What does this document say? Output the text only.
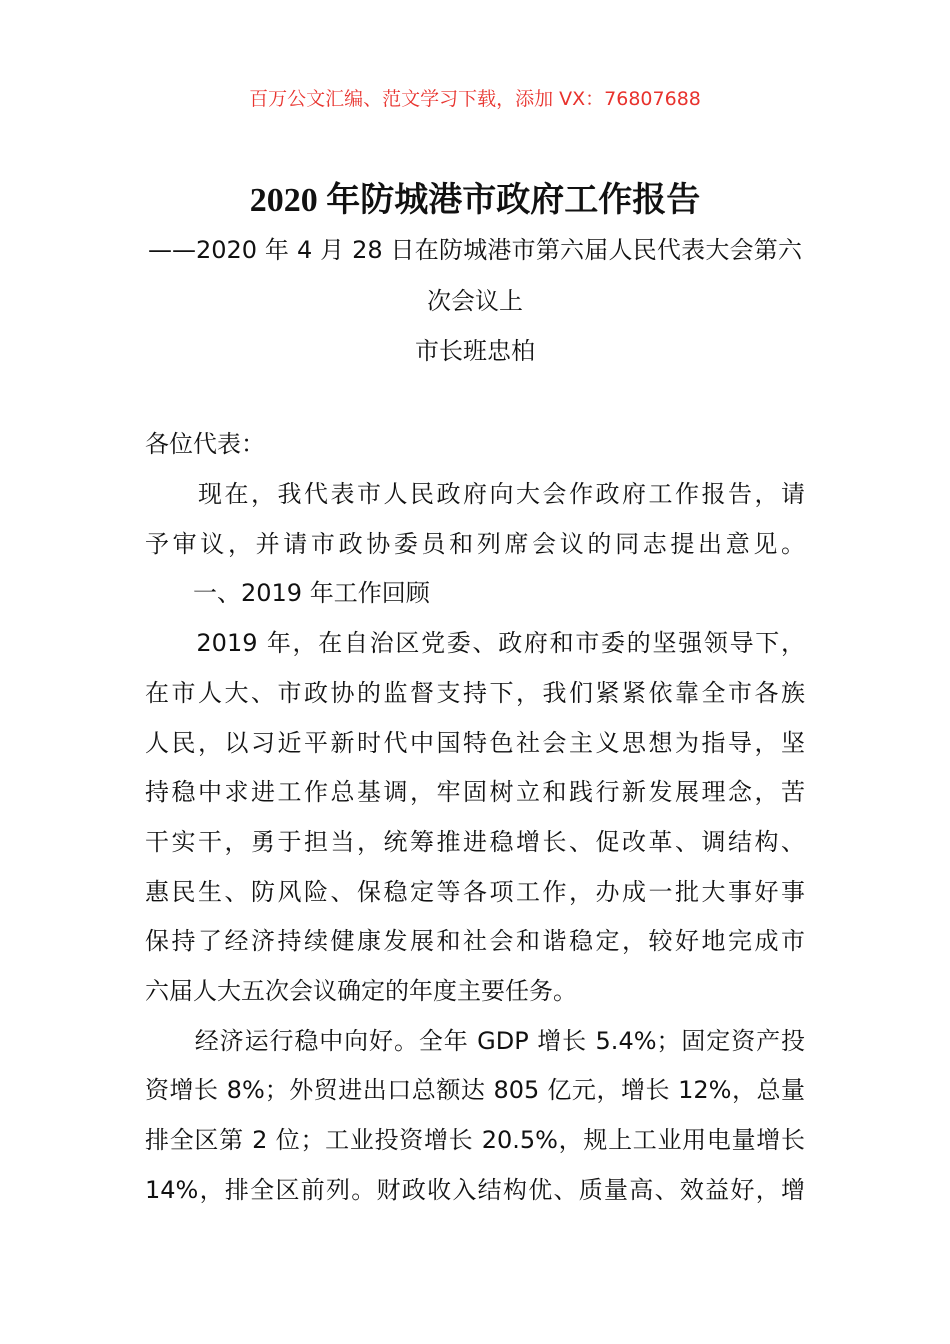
百万公文汇编、范文学习下载，添加 VX：76807688
2020 年防城港市政府工作报告
——2020 年 4 月 28 日在防城港市第六届人民代表大会第六
次会议上
市长班忠柏
各位代表：
　　现在，我代表市人民政府向大会作政府工作报告，请
予审议，并请市政协委员和列席会议的同志提出意见。
　　一、2019 年工作回顾
　　2019 年，在自治区党委、政府和市委的坚强领导下，
在市人大、市政协的监督支持下，我们紧紧依靠全市各族
人民，以习近平新时代中国特色社会主义思想为指导，坚
持稳中求进工作总基调，牢固树立和践行新发展理念，苦
干实干，勇于担当，统筹推进稳增长、促改革、调结构、
惠民生、防风险、保稳定等各项工作，办成一批大事好事
保持了经济持续健康发展和社会和谐稳定，较好地完成市
六届人大五次会议确定的年度主要任务。
　　经济运行稳中向好。全年 GDP 增长 5.4%；固定资产投
资增长 8%；外贸进出口总额达 805 亿元，增长 12%，总量
排全区第 2 位；工业投资增长 20.5%，规上工业用电量增长
14%，排全区前列。财政收入结构优、质量高、效益好，增
